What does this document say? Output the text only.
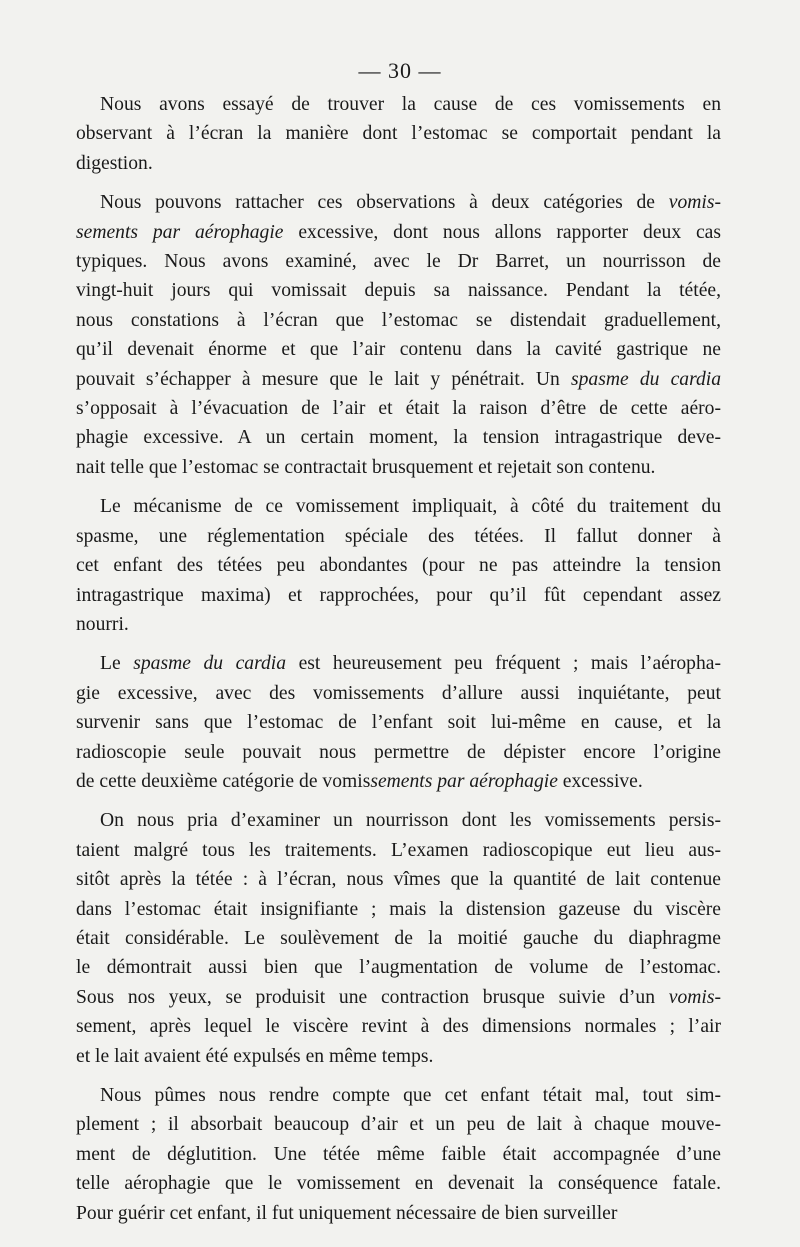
— 30 —
Nous avons essayé de trouver la cause de ces vomissements en
observant à l’écran la manière dont l’estomac se comportait pendant la
digestion.
Nous pouvons rattacher ces observations à deux catégories de vomis-
sements par aérophagie excessive, dont nous allons rapporter deux cas
typiques. Nous avons examiné, avec le Dr Barret, un nourrisson de
vingt-huit jours qui vomissait depuis sa naissance. Pendant la tétée,
nous constations à l’écran que l’estomac se distendait graduellement,
qu’il devenait énorme et que l’air contenu dans la cavité gastrique ne
pouvait s’échapper à mesure que le lait y pénétrait. Un spasme du cardia
s’opposait à l’évacuation de l’air et était la raison d’être de cette aéro-
phagie excessive. A un certain moment, la tension intragastrique deve-
nait telle que l’estomac se contractait brusquement et rejetait son contenu.
Le mécanisme de ce vomissement impliquait, à côté du traitement du
spasme, une réglementation spéciale des tétées. Il fallut donner à
cet enfant des tétées peu abondantes (pour ne pas atteindre la tension
intragastrique maxima) et rapprochées, pour qu’il fût cependant assez
nourri.
Le spasme du cardia est heureusement peu fréquent ; mais l’aéropha-
gie excessive, avec des vomissements d’allure aussi inquiétante, peut
survenir sans que l’estomac de l’enfant soit lui-même en cause, et la
radioscopie seule pouvait nous permettre de dépister encore l’origine
de cette deuxième catégorie de vomissements par aérophagie excessive.
On nous pria d’examiner un nourrisson dont les vomissements persis-
taient malgré tous les traitements. L’examen radioscopique eut lieu aus-
sitôt après la tétée : à l’écran, nous vîmes que la quantité de lait contenue
dans l’estomac était insignifiante ; mais la distension gazeuse du viscère
était considérable. Le soulèvement de la moitié gauche du diaphragme
le démontrait aussi bien que l’augmentation de volume de l’estomac.
Sous nos yeux, se produisit une contraction brusque suivie d’un vomis-
sement, après lequel le viscère revint à des dimensions normales ; l’air
et le lait avaient été expulsés en même temps.
Nous pûmes nous rendre compte que cet enfant tétait mal, tout sim-
plement ; il absorbait beaucoup d’air et un peu de lait à chaque mouve-
ment de déglutition. Une tétée même faible était accompagnée d’une
telle aérophagie que le vomissement en devenait la conséquence fatale.
Pour guérir cet enfant, il fut uniquement nécessaire de bien surveiller
